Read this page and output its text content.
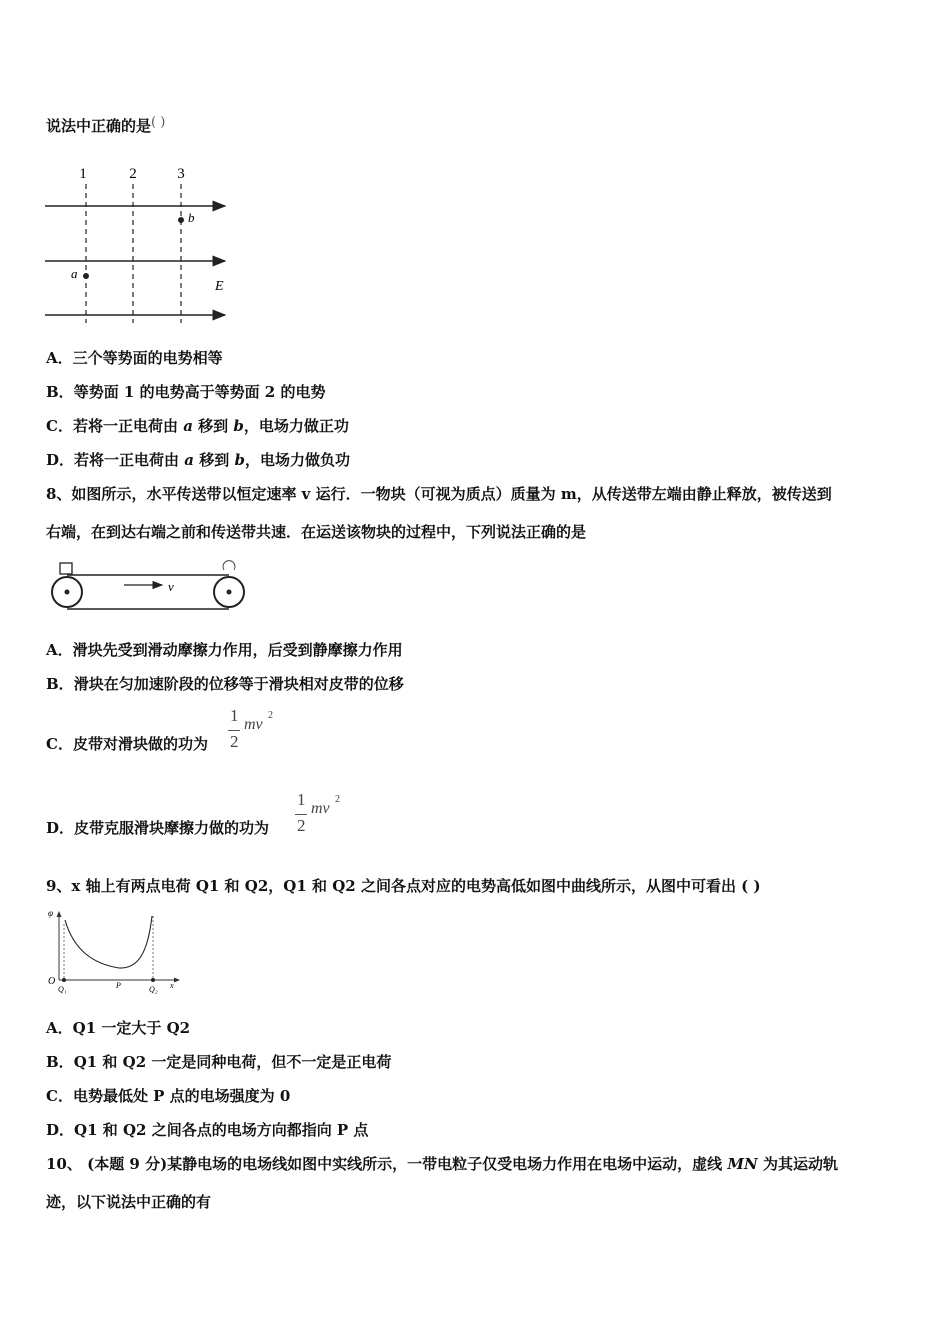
说法中正确的是( )
1	2	3
b
a
E
A．三个等势面的电势相等
B．等势面 1 的电势高于等势面 2 的电势
C．若将一正电荷由 a 移到 b，电场力做正功
D．若将一正电荷由 a 移到 b，电场力做负功
8、如图所示，水平传送带以恒定速率 v 运行．一物块（可视为质点）质量为 m，从传送带左端由静止释放，被传送到
右端，在到达右端之前和传送带共速．在运送该物块的过程中，下列说法正确的是
v
A．滑块先受到滑动摩擦力作用，后受到静摩擦力作用
B．滑块在匀加速阶段的位移等于滑块相对皮带的位移
C．皮带对滑块做的功为
1
2
mv
2
D．皮带克服滑块摩擦力做的功为
1
2
mv
2
9、x 轴上有两点电荷 Q1 和 Q2，Q1 和 Q2 之间各点对应的电势高低如图中曲线所示，从图中可看出 ( )
φ
O
Q₁	P	Q₂ x
A．Q1 一定大于 Q2
B．Q1 和 Q2 一定是同种电荷，但不一定是正电荷
C．电势最低处 P 点的电场强度为 0
D．Q1 和 Q2 之间各点的电场方向都指向 P 点
10、 (本题 9 分)某静电场的电场线如图中实线所示，一带电粒子仅受电场力作用在电场中运动，虚线 MN 为其运动轨
迹，以下说法中正确的有
